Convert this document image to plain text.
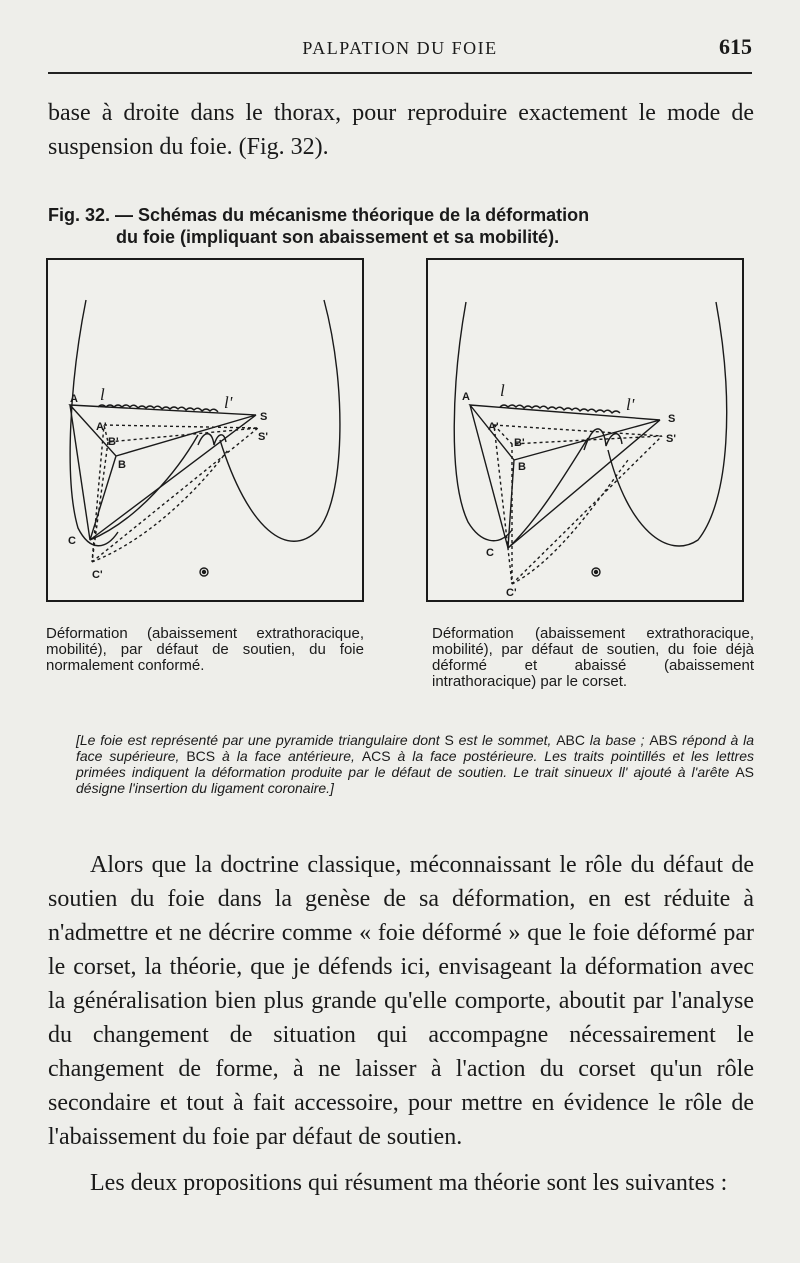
PALPATION DU FOIE	615

base à droite dans le thorax, pour reproduire exactement le mode de suspension du foie. (Fig. 32).

Fig. 32. — Schémas du mécanisme théorique de la déformation
du foie (impliquant son abaissement et sa mobilité).
A l	l'
A'
B'
B
S
S'
C
C'
A l
l'
A'
B'
B
S
S'
C
C'
Déformation (abaissement extrathoracique, mobilité), par défaut de soutien, du foie normalement conformé.
Déformation (abaissement extrathoracique, mobilité), par défaut de soutien, du foie déjà déformé et abaissé (abaissement intrathoracique) par le corset.
[Le foie est représenté par une pyramide triangulaire dont S est le sommet, ABC la base ; ABS répond à la face supérieure, BCS à la face antérieure, ACS à la face postérieure. Les traits pointillés et les lettres primées indiquent la déformation produite par le défaut de soutien. Le trait sinueux ll' ajouté à l'arête AS désigne l'insertion du ligament coronaire.]

Alors que la doctrine classique, méconnaissant le rôle du défaut de soutien du foie dans la genèse de sa déformation, en est réduite à n'admettre et ne décrire comme « foie déformé » que le foie déformé par le corset, la théorie, que je défends ici, envisageant la déformation avec la généralisation bien plus grande qu'elle comporte, aboutit par l'analyse du changement de situation qui accompagne nécessairement le changement de forme, à ne laisser à l'action du corset qu'un rôle secondaire et tout à fait accessoire, pour mettre en évidence le rôle de l'abaissement du foie par défaut de soutien.

Les deux propositions qui résument ma théorie sont les suivantes :
